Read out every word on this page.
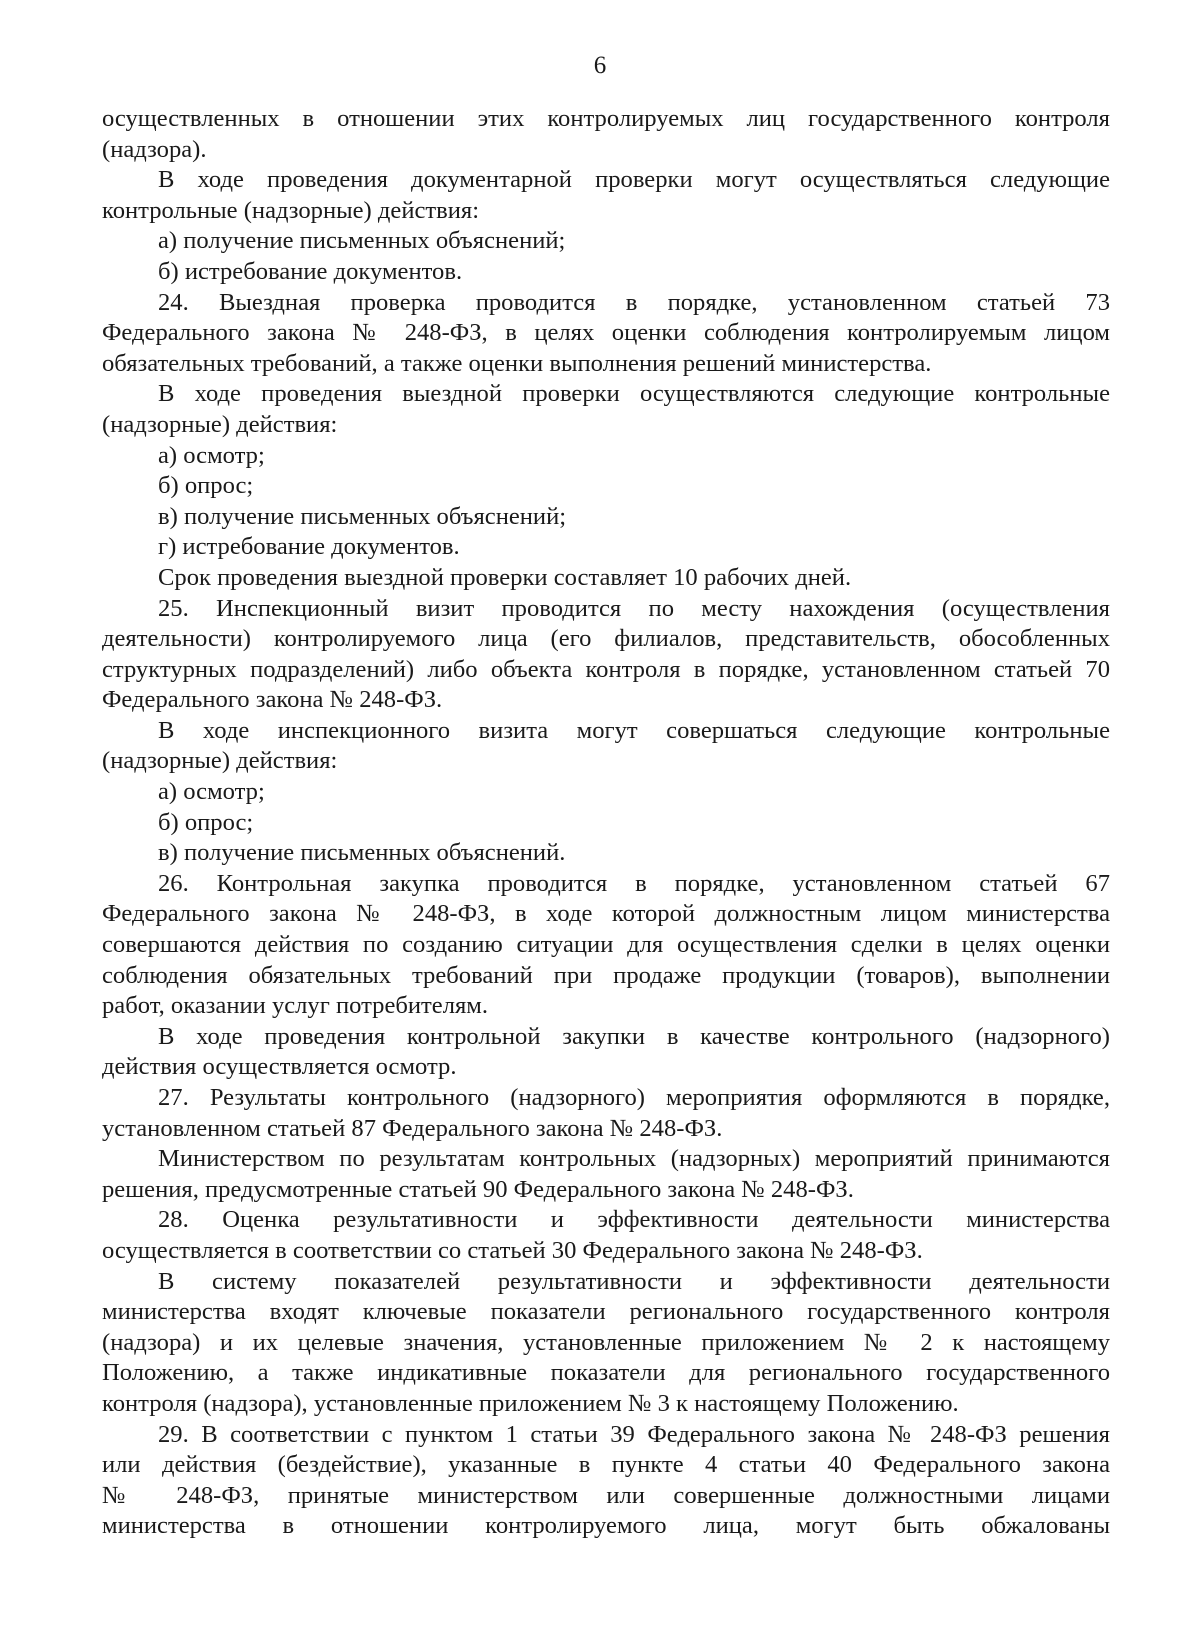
6

осуществленных в отношении этих контролируемых лиц государственного контроля

(надзора).

В ходе проведения документарной проверки могут осуществляться следующие

контрольные (надзорные) действия:

а) получение письменных объяснений;

б) истребование документов.

24. Выездная проверка проводится в порядке, установленном статьей 73

Федерального закона № 248-ФЗ, в целях оценки соблюдения контролируемым лицом

обязательных требований, а также оценки выполнения решений министерства.

В ходе проведения выездной проверки осуществляются следующие контрольные

(надзорные) действия:

а) осмотр;

б) опрос;

в) получение письменных объяснений;

г) истребование документов.

Срок проведения выездной проверки составляет 10 рабочих дней.

25. Инспекционный визит проводится по месту нахождения (осуществления

деятельности) контролируемого лица (его филиалов, представительств, обособленных

структурных подразделений) либо объекта контроля в порядке, установленном статьей 70

Федерального закона № 248-ФЗ.

В ходе инспекционного визита могут совершаться следующие контрольные

(надзорные) действия:

а) осмотр;

б) опрос;

в) получение письменных объяснений.

26. Контрольная закупка проводится в порядке, установленном статьей 67

Федерального закона № 248-ФЗ, в ходе которой должностным лицом министерства

совершаются действия по созданию ситуации для осуществления сделки в целях оценки

соблюдения обязательных требований при продаже продукции (товаров), выполнении

работ, оказании услуг потребителям.

В ходе проведения контрольной закупки в качестве контрольного (надзорного)

действия осуществляется осмотр.

27. Результаты контрольного (надзорного) мероприятия оформляются в порядке,

установленном статьей 87 Федерального закона № 248-ФЗ.

Министерством по результатам контрольных (надзорных) мероприятий принимаются

решения, предусмотренные статьей 90 Федерального закона № 248-ФЗ.

28. Оценка результативности и эффективности деятельности министерства

осуществляется в соответствии со статьей 30 Федерального закона № 248-ФЗ.

В систему показателей результативности и эффективности деятельности

министерства входят ключевые показатели регионального государственного контроля

(надзора) и их целевые значения, установленные приложением № 2 к настоящему

Положению, а также индикативные показатели для регионального государственного

контроля (надзора), установленные приложением № 3 к настоящему Положению.

29. В соответствии с пунктом 1 статьи 39 Федерального закона № 248-ФЗ решения

или действия (бездействие), указанные в пункте 4 статьи 40 Федерального закона

№ 248-ФЗ, принятые министерством или совершенные должностными лицами

министерства в отношении контролируемого лица, могут быть обжалованы
